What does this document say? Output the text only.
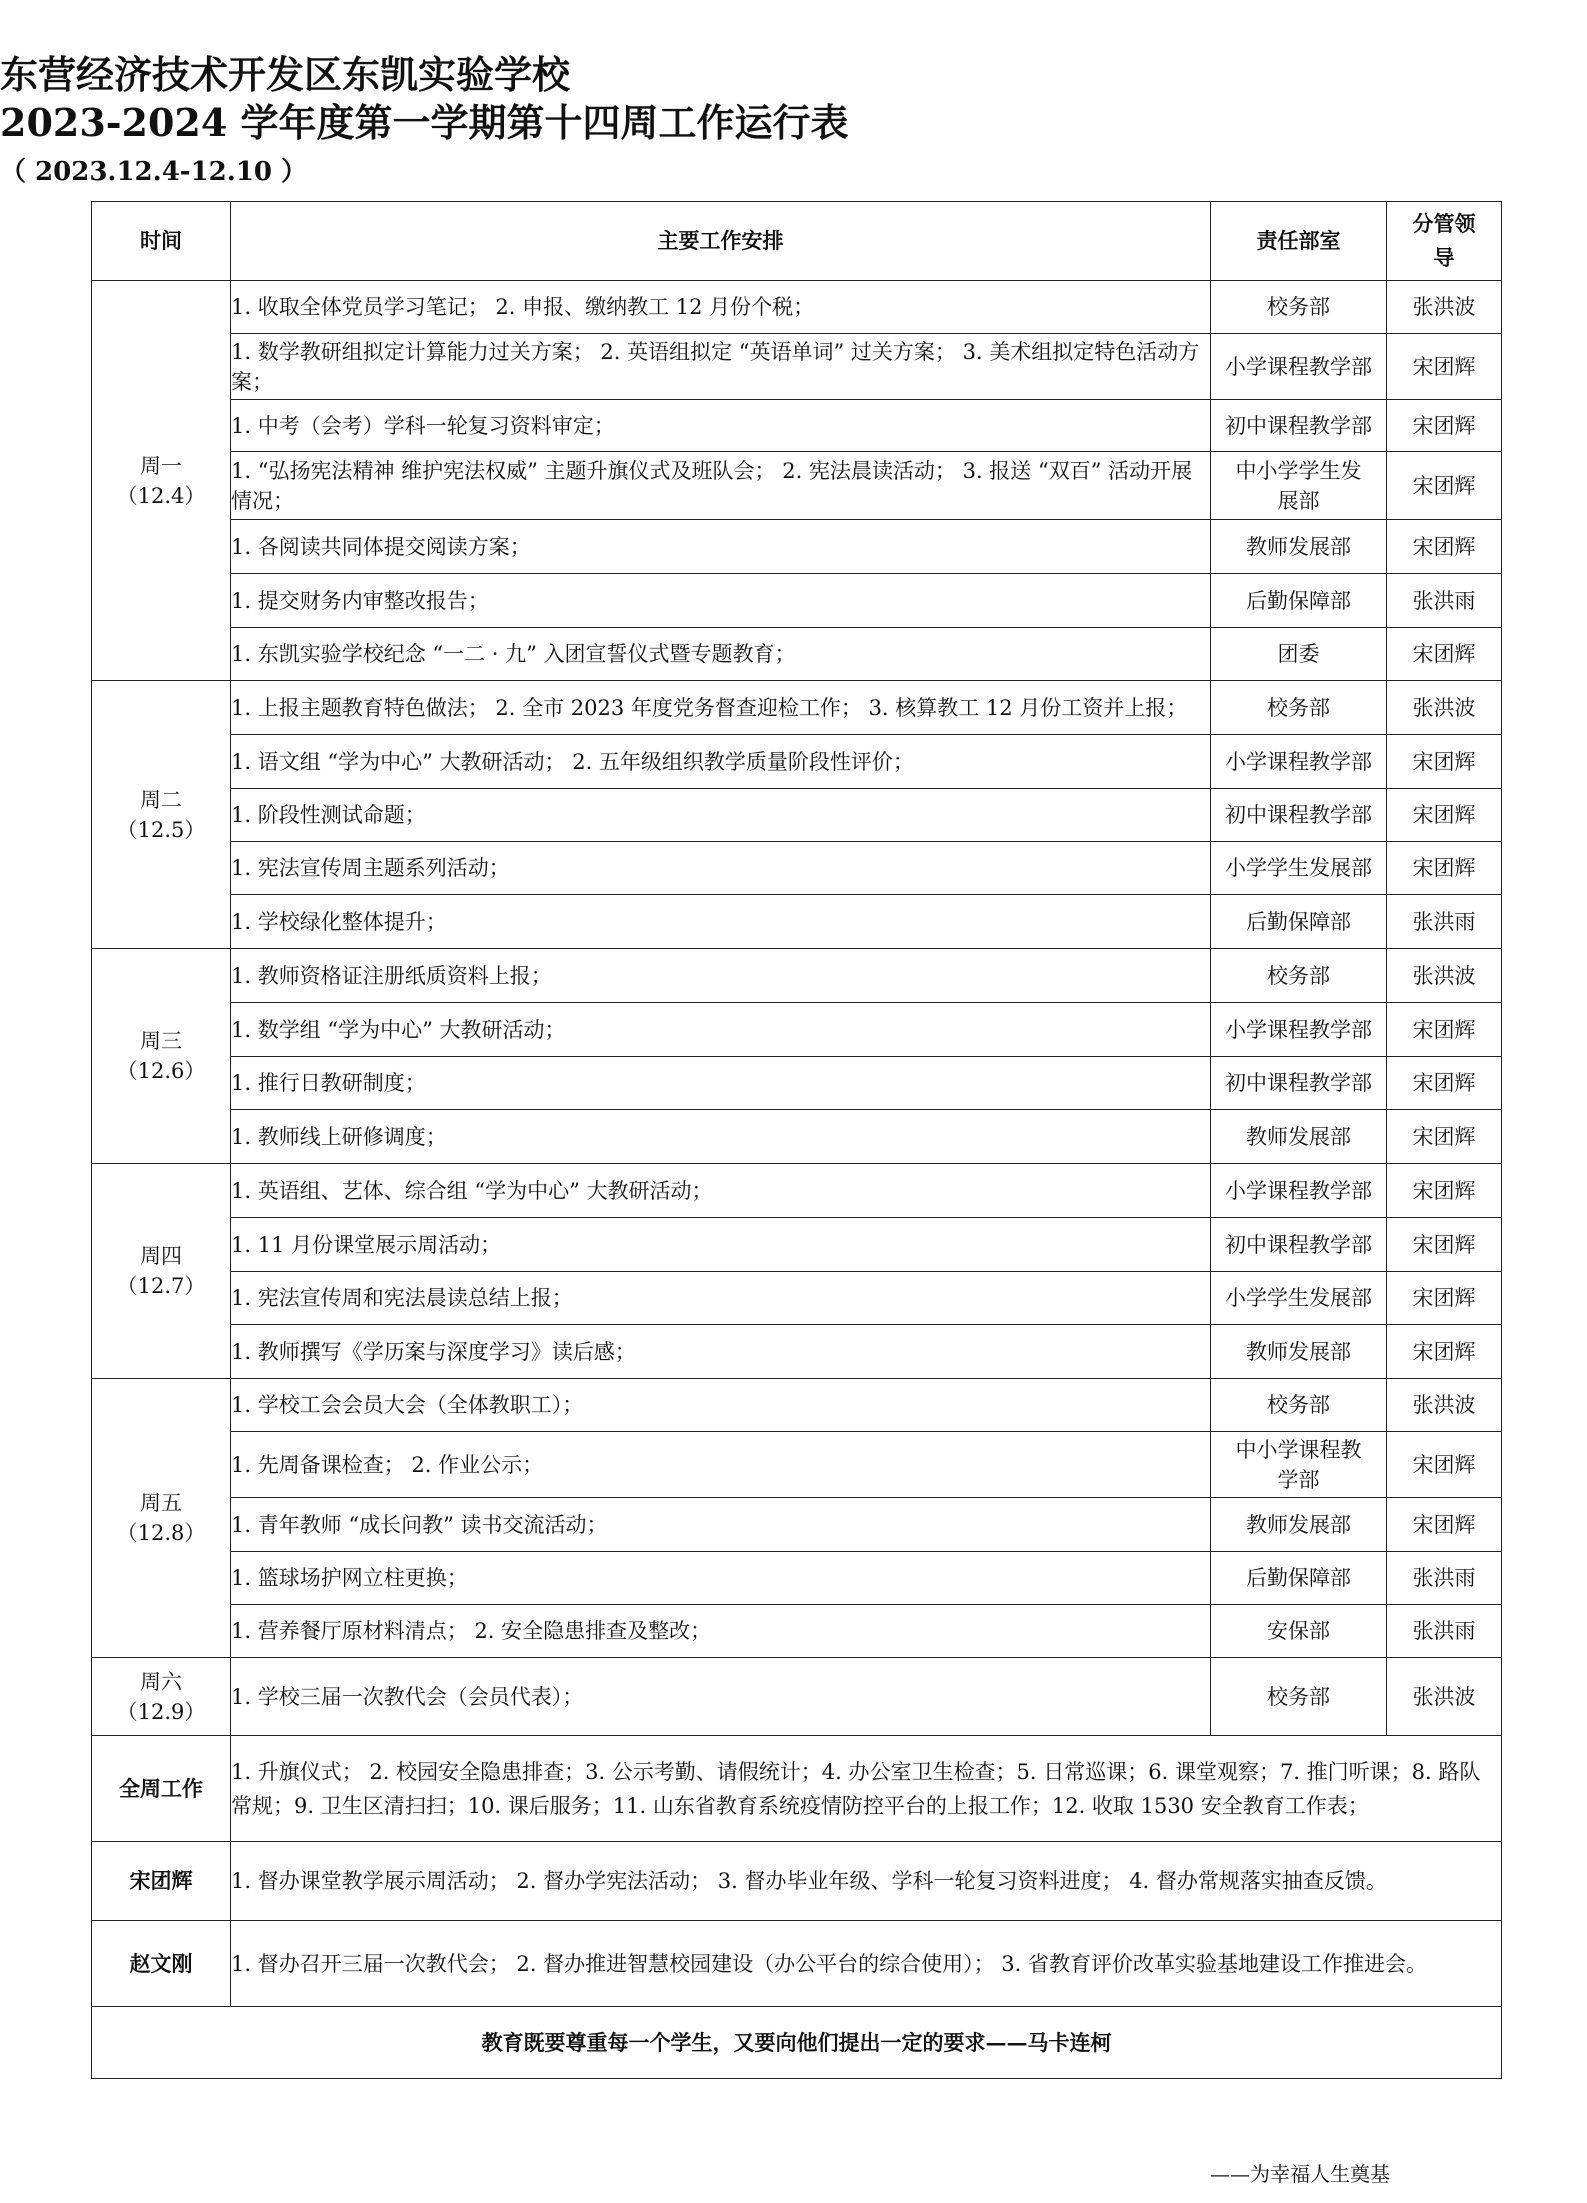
东营经济技术开发区东凯实验学校
2023-2024 学年度第一学期第十四周工作运行表
（ 2023.12.4-12.10 ）
时间	主要工作安排	责任部室	分管领导

周一
（12.4）	1. 收取全体党员学习笔记； 2. 申报、缴纳教工 12 月份个税；	校务部	张洪波
	1. 数学教研组拟定计算能力过关方案； 2. 英语组拟定 “英语单词” 过关方案； 3. 美术组拟定特色活动方案；	小学课程教学部	宋团辉
	1. 中考（会考）学科一轮复习资料审定；	初中课程教学部	宋团辉
	1. “弘扬宪法精神 维护宪法权威” 主题升旗仪式及班队会； 2. 宪法晨读活动； 3. 报送 “双百” 活动开展情况；	中小学学生发展部	宋团辉
	1. 各阅读共同体提交阅读方案；	教师发展部	宋团辉
	1. 提交财务内审整改报告；	后勤保障部	张洪雨
	1. 东凯实验学校纪念 “一二 · 九” 入团宣誓仪式暨专题教育；	团委	宋团辉

周二
（12.5）	1. 上报主题教育特色做法； 2. 全市 2023 年度党务督查迎检工作； 3. 核算教工 12 月份工资并上报；	校务部	张洪波
	1. 语文组 “学为中心” 大教研活动； 2. 五年级组织教学质量阶段性评价；	小学课程教学部	宋团辉
	1. 阶段性测试命题；	初中课程教学部	宋团辉
	1. 宪法宣传周主题系列活动；	小学学生发展部	宋团辉
	1. 学校绿化整体提升；	后勤保障部	张洪雨

周三
（12.6）	1. 教师资格证注册纸质资料上报；	校务部	张洪波
	1. 数学组 “学为中心” 大教研活动；	小学课程教学部	宋团辉
	1. 推行日教研制度；	初中课程教学部	宋团辉
	1. 教师线上研修调度；	教师发展部	宋团辉

周四
（12.7）	1. 英语组、艺体、综合组 “学为中心” 大教研活动；	小学课程教学部	宋团辉
	1. 11 月份课堂展示周活动；	初中课程教学部	宋团辉
	1. 宪法宣传周和宪法晨读总结上报；	小学学生发展部	宋团辉
	1. 教师撰写《学历案与深度学习》读后感；	教师发展部	宋团辉

周五
（12.8）	1. 学校工会会员大会（全体教职工）；	校务部	张洪波
	1. 先周备课检查； 2. 作业公示；	中小学课程教学部	宋团辉
	1. 青年教师 “成长问教” 读书交流活动；	教师发展部	宋团辉
	1. 篮球场护网立柱更换；	后勤保障部	张洪雨
	1. 营养餐厅原材料清点； 2. 安全隐患排查及整改；	安保部	张洪雨

周六
（12.9）	1. 学校三届一次教代会（会员代表）；	校务部	张洪波
全周工作	1. 升旗仪式； 2. 校园安全隐患排查；3. 公示考勤、请假统计；4. 办公室卫生检查；5. 日常巡课；6. 课堂观察；7. 推门听课；8. 路队常规；9. 卫生区清扫扫；10. 课后服务；11. 山东省教育系统疫情防控平台的上报工作；12. 收取 1530 安全教育工作表；		
宋团辉	1. 督办课堂教学展示周活动； 2. 督办学宪法活动； 3. 督办毕业年级、学科一轮复习资料进度； 4. 督办常规落实抽查反馈。		
赵文刚	1. 督办召开三届一次教代会； 2. 督办推进智慧校园建设（办公平台的综合使用）； 3. 省教育评价改革实验基地建设工作推进会。		
教育既要尊重每一个学生，又要向他们提出一定的要求——马卡连柯			
——为幸福人生奠基
